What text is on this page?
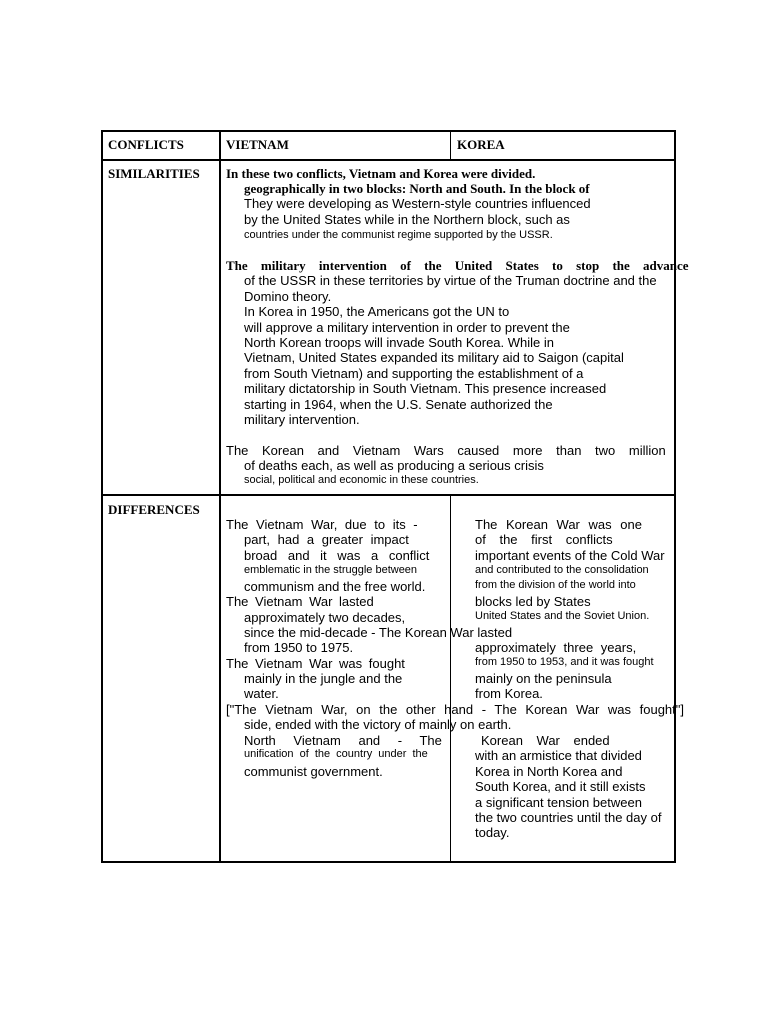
CONFLICTS	VIETNAM	KOREA
SIMILARITIES
DIFFERENCES
In these two conflicts, Vietnam and Korea were divided.
geographically in two blocks: North and South. In the block of
They were developing as Western-style countries influenced
by the United States while in the Northern block, such as
countries under the communist regime supported by the USSR.
The military intervention of the United States to stop the advance
of the USSR in these territories by virtue of the Truman doctrine and the
Domino theory.
In Korea in 1950, the Americans got the UN to
will approve a military intervention in order to prevent the
North Korean troops will invade South Korea. While in
Vietnam, United States expanded its military aid to Saigon (capital
from South Vietnam) and supporting the establishment of a
military dictatorship in South Vietnam. This presence increased
starting in 1964, when the U.S. Senate authorized the
military intervention.
The Korean and Vietnam Wars caused more than two million
of deaths each, as well as producing a serious crisis
social, political and economic in these countries.
The Vietnam War, due to its -
part, had a greater impact
broad and it was a conflict
emblematic in the struggle between
communism and the free world.
The Vietnam War lasted
approximately two decades,
since the mid-decade - The Korean War lasted
from 1950 to 1975.
The Vietnam War was fought
mainly in the jungle and the
water.
["The Vietnam War, on the other hand - The Korean War was fought"]
side, ended with the victory of mainly on earth.
North Vietnam and - The
unification of the country under the
communist government.
The Korean War was one
of the first conflicts
important events of the Cold War
and contributed to the consolidation
from the division of the world into
blocks led by States
United States and the Soviet Union.
approximately three years,
from 1950 to 1953, and it was fought
mainly on the peninsula
from Korea.
Korean War ended
with an armistice that divided
Korea in North Korea and
South Korea, and it still exists
a significant tension between
the two countries until the day of
today.
